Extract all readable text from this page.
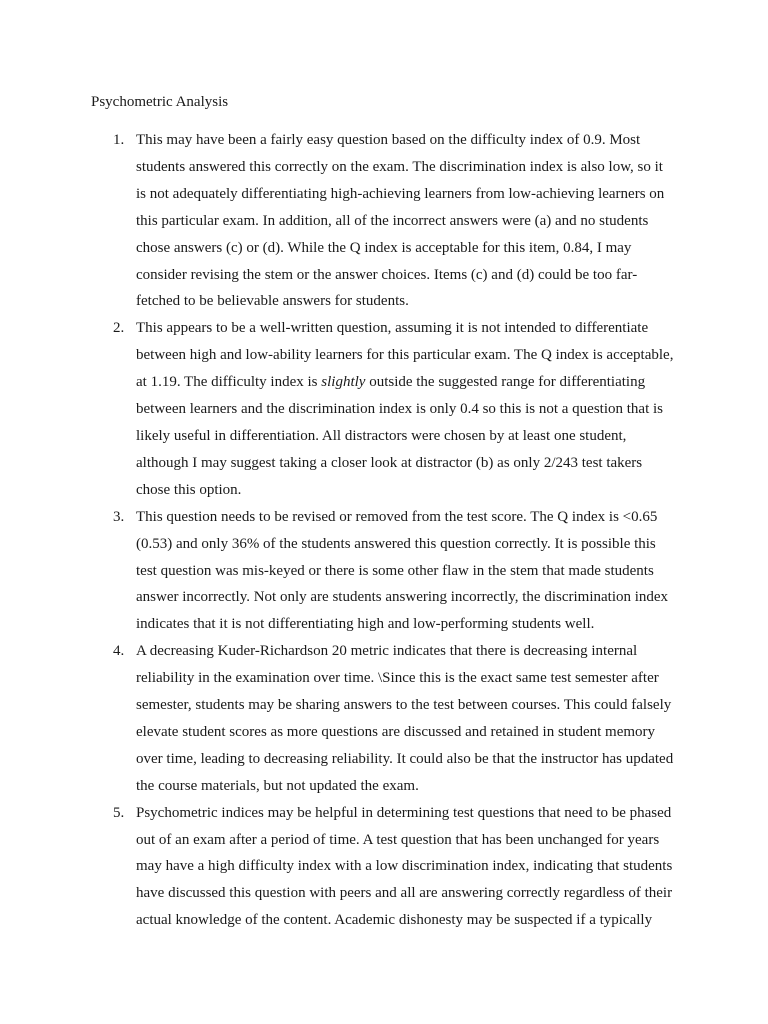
Psychometric Analysis
1. This may have been a fairly easy question based on the difficulty index of 0.9. Most students answered this correctly on the exam. The discrimination index is also low, so it is not adequately differentiating high-achieving learners from low-achieving learners on this particular exam. In addition, all of the incorrect answers were (a) and no students chose answers (c) or (d). While the Q index is acceptable for this item, 0.84, I may consider revising the stem or the answer choices. Items (c) and (d) could be too far-fetched to be believable answers for students.
2. This appears to be a well-written question, assuming it is not intended to differentiate between high and low-ability learners for this particular exam. The Q index is acceptable, at 1.19. The difficulty index is slightly outside the suggested range for differentiating between learners and the discrimination index is only 0.4 so this is not a question that is likely useful in differentiation. All distractors were chosen by at least one student, although I may suggest taking a closer look at distractor (b) as only 2/243 test takers chose this option.
3. This question needs to be revised or removed from the test score. The Q index is <0.65 (0.53) and only 36% of the students answered this question correctly. It is possible this test question was mis-keyed or there is some other flaw in the stem that made students answer incorrectly. Not only are students answering incorrectly, the discrimination index indicates that it is not differentiating high and low-performing students well.
4. A decreasing Kuder-Richardson 20 metric indicates that there is decreasing internal reliability in the examination over time. \Since this is the exact same test semester after semester, students may be sharing answers to the test between courses. This could falsely elevate student scores as more questions are discussed and retained in student memory over time, leading to decreasing reliability. It could also be that the instructor has updated the course materials, but not updated the exam.
5. Psychometric indices may be helpful in determining test questions that need to be phased out of an exam after a period of time. A test question that has been unchanged for years may have a high difficulty index with a low discrimination index, indicating that students have discussed this question with peers and all are answering correctly regardless of their actual knowledge of the content. Academic dishonesty may be suspected if a typically
